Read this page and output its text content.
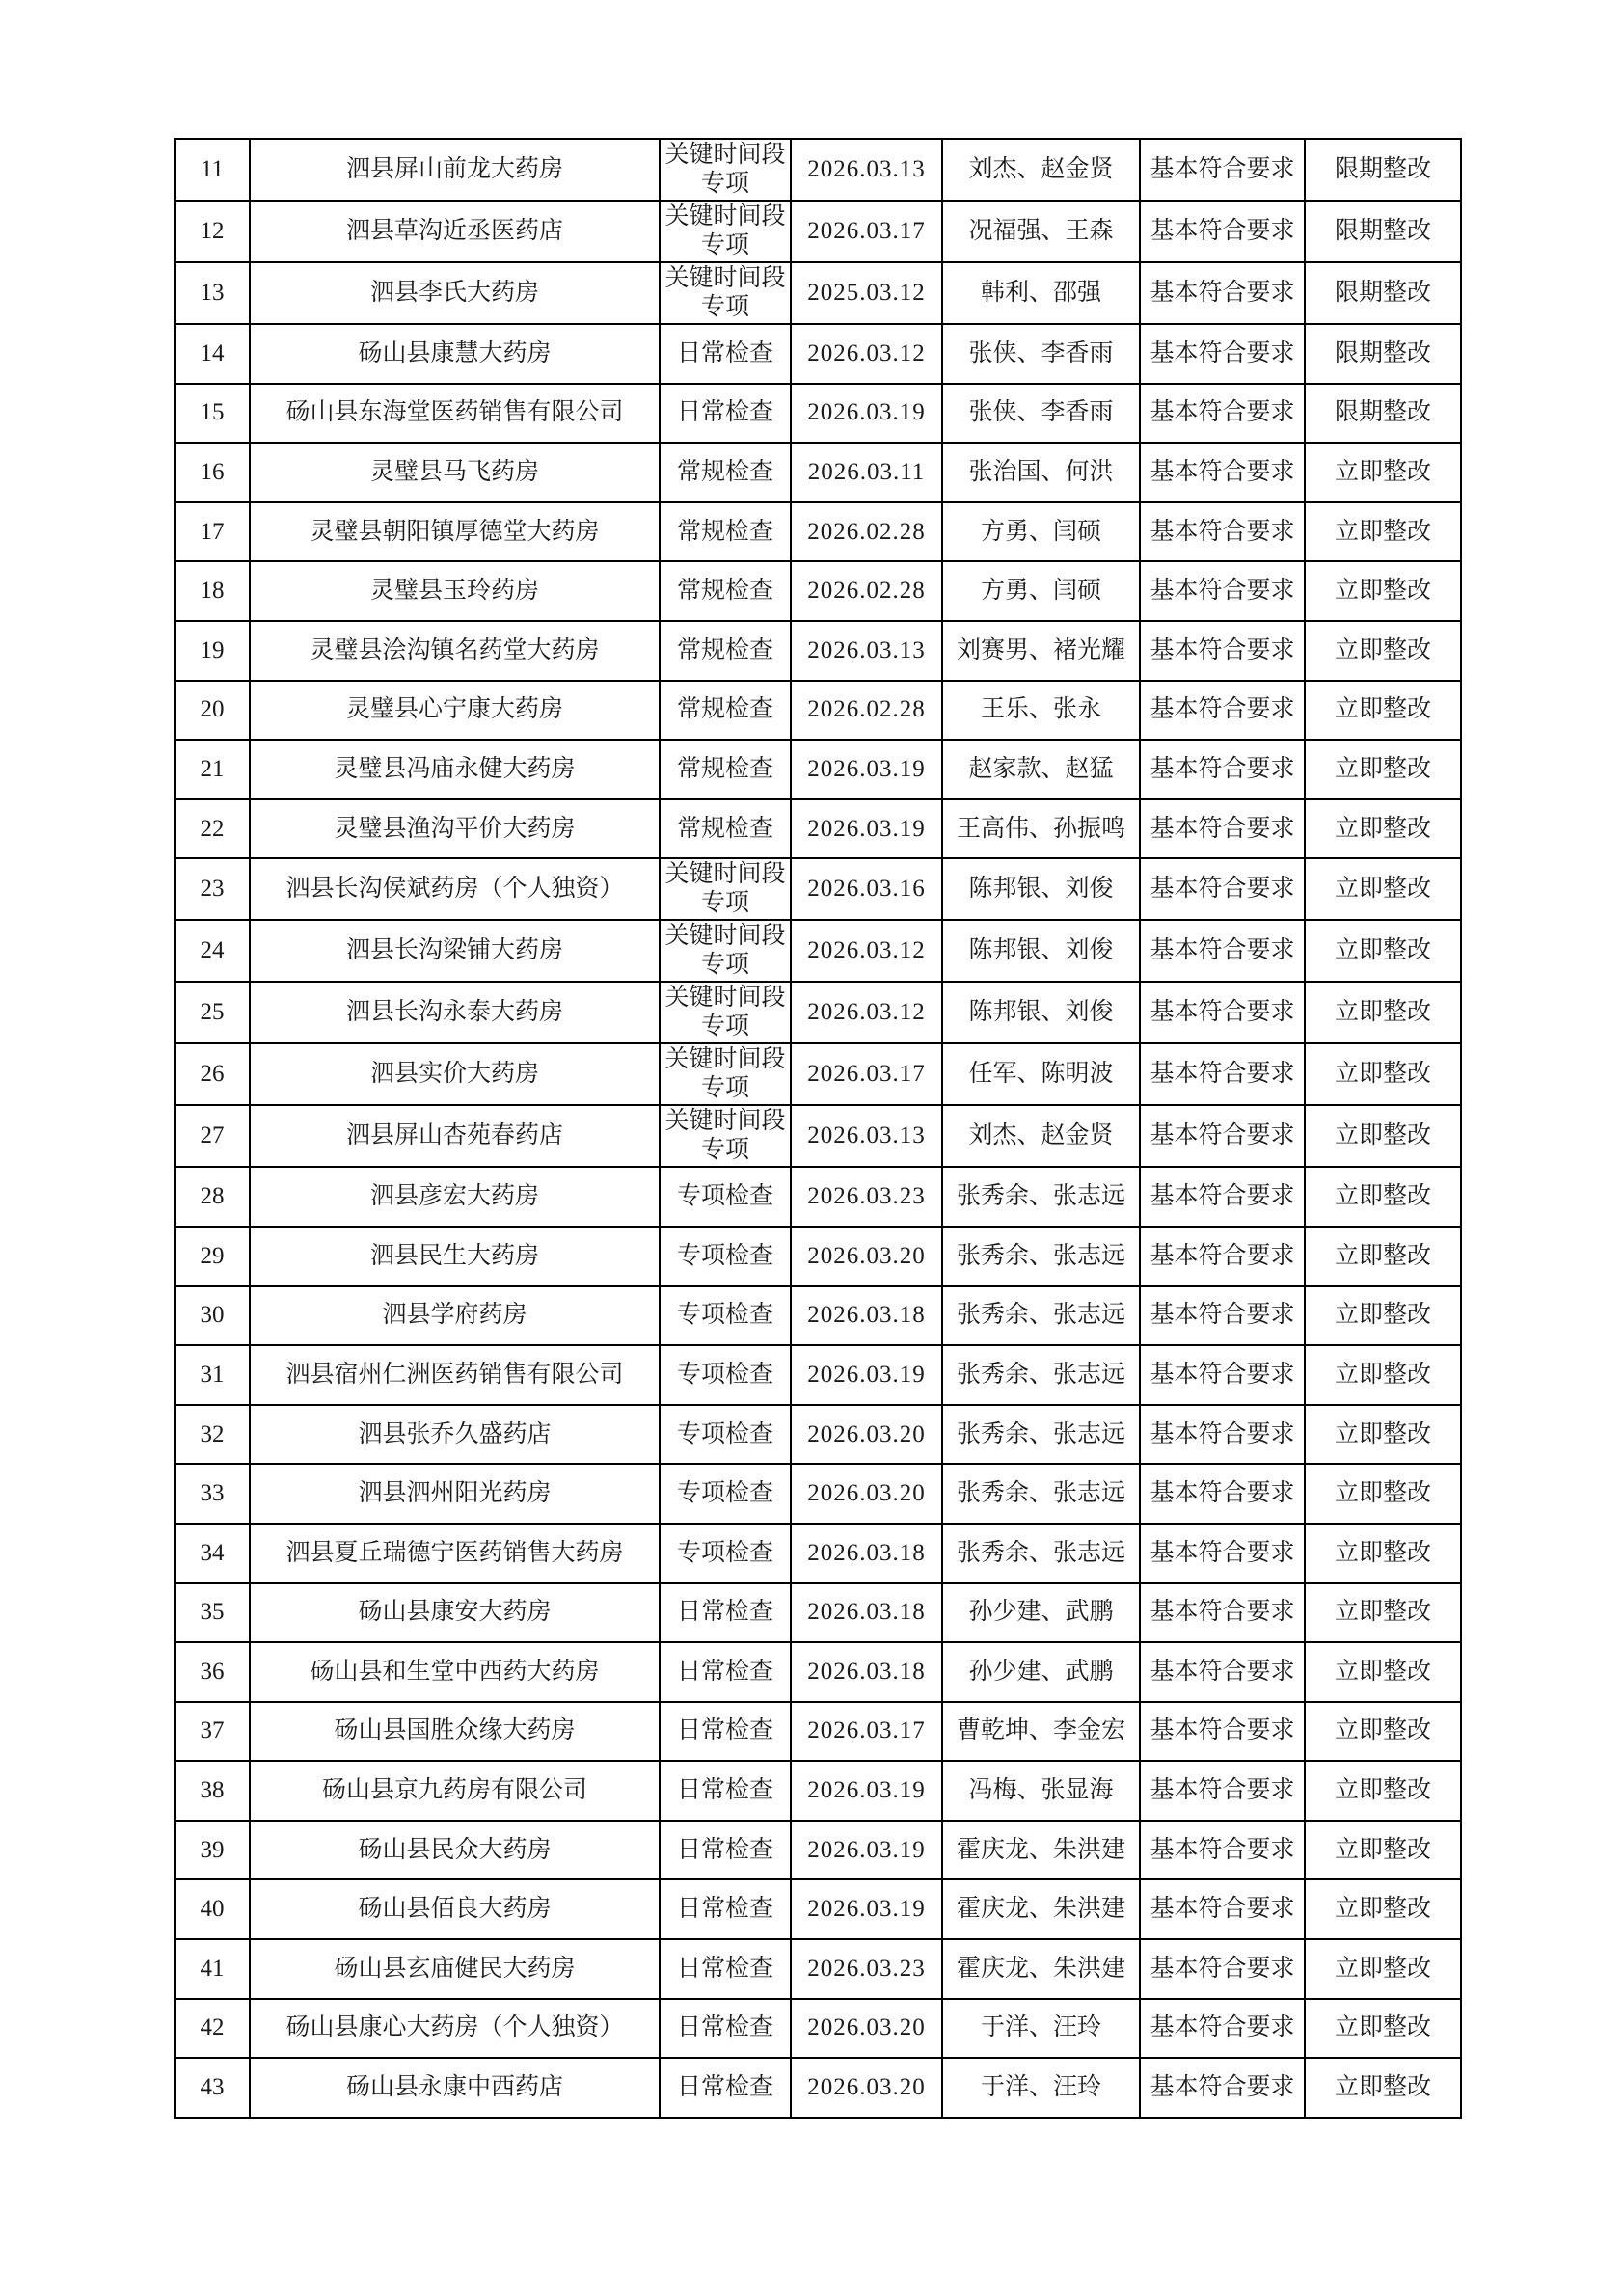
11	泗县屏山前龙大药房	关键时间段专项	2026.03.13	刘杰、赵金贤	基本符合要求	限期整改
12	泗县草沟近丞医药店	关键时间段专项	2026.03.17	况福强、王森	基本符合要求	限期整改
13	泗县李氏大药房	关键时间段专项	2025.03.12	韩利、邵强	基本符合要求	限期整改
14	砀山县康慧大药房	日常检查	2026.03.12	张侠、李香雨	基本符合要求	限期整改
15	砀山县东海堂医药销售有限公司	日常检查	2026.03.19	张侠、李香雨	基本符合要求	限期整改
16	灵璧县马飞药房	常规检查	2026.03.11	张治国、何洪	基本符合要求	立即整改
17	灵璧县朝阳镇厚德堂大药房	常规检查	2026.02.28	方勇、闫硕	基本符合要求	立即整改
18	灵璧县玉玲药房	常规检查	2026.02.28	方勇、闫硕	基本符合要求	立即整改
19	灵璧县浍沟镇名药堂大药房	常规检查	2026.03.13	刘赛男、褚光耀	基本符合要求	立即整改
20	灵璧县心宁康大药房	常规检查	2026.02.28	王乐、张永	基本符合要求	立即整改
21	灵璧县冯庙永健大药房	常规检查	2026.03.19	赵家款、赵猛	基本符合要求	立即整改
22	灵璧县渔沟平价大药房	常规检查	2026.03.19	王高伟、孙振鸣	基本符合要求	立即整改
23	泗县长沟侯斌药房（个人独资）	关键时间段专项	2026.03.16	陈邦银、刘俊	基本符合要求	立即整改
24	泗县长沟梁铺大药房	关键时间段专项	2026.03.12	陈邦银、刘俊	基本符合要求	立即整改
25	泗县长沟永泰大药房	关键时间段专项	2026.03.12	陈邦银、刘俊	基本符合要求	立即整改
26	泗县实价大药房	关键时间段专项	2026.03.17	任军、陈明波	基本符合要求	立即整改
27	泗县屏山杏苑春药店	关键时间段专项	2026.03.13	刘杰、赵金贤	基本符合要求	立即整改
28	泗县彦宏大药房	专项检查	2026.03.23	张秀余、张志远	基本符合要求	立即整改
29	泗县民生大药房	专项检查	2026.03.20	张秀余、张志远	基本符合要求	立即整改
30	泗县学府药房	专项检查	2026.03.18	张秀余、张志远	基本符合要求	立即整改
31	泗县宿州仁洲医药销售有限公司	专项检查	2026.03.19	张秀余、张志远	基本符合要求	立即整改
32	泗县张乔久盛药店	专项检查	2026.03.20	张秀余、张志远	基本符合要求	立即整改
33	泗县泗州阳光药房	专项检查	2026.03.20	张秀余、张志远	基本符合要求	立即整改
34	泗县夏丘瑞德宁医药销售大药房	专项检查	2026.03.18	张秀余、张志远	基本符合要求	立即整改
35	砀山县康安大药房	日常检查	2026.03.18	孙少建、武鹏	基本符合要求	立即整改
36	砀山县和生堂中西药大药房	日常检查	2026.03.18	孙少建、武鹏	基本符合要求	立即整改
37	砀山县国胜众缘大药房	日常检查	2026.03.17	曹乾坤、李金宏	基本符合要求	立即整改
38	砀山县京九药房有限公司	日常检查	2026.03.19	冯梅、张显海	基本符合要求	立即整改
39	砀山县民众大药房	日常检查	2026.03.19	霍庆龙、朱洪建	基本符合要求	立即整改
40	砀山县佰良大药房	日常检查	2026.03.19	霍庆龙、朱洪建	基本符合要求	立即整改
41	砀山县玄庙健民大药房	日常检查	2026.03.23	霍庆龙、朱洪建	基本符合要求	立即整改
42	砀山县康心大药房（个人独资）	日常检查	2026.03.20	于洋、汪玲	基本符合要求	立即整改
43	砀山县永康中西药店	日常检查	2026.03.20	于洋、汪玲	基本符合要求	立即整改
